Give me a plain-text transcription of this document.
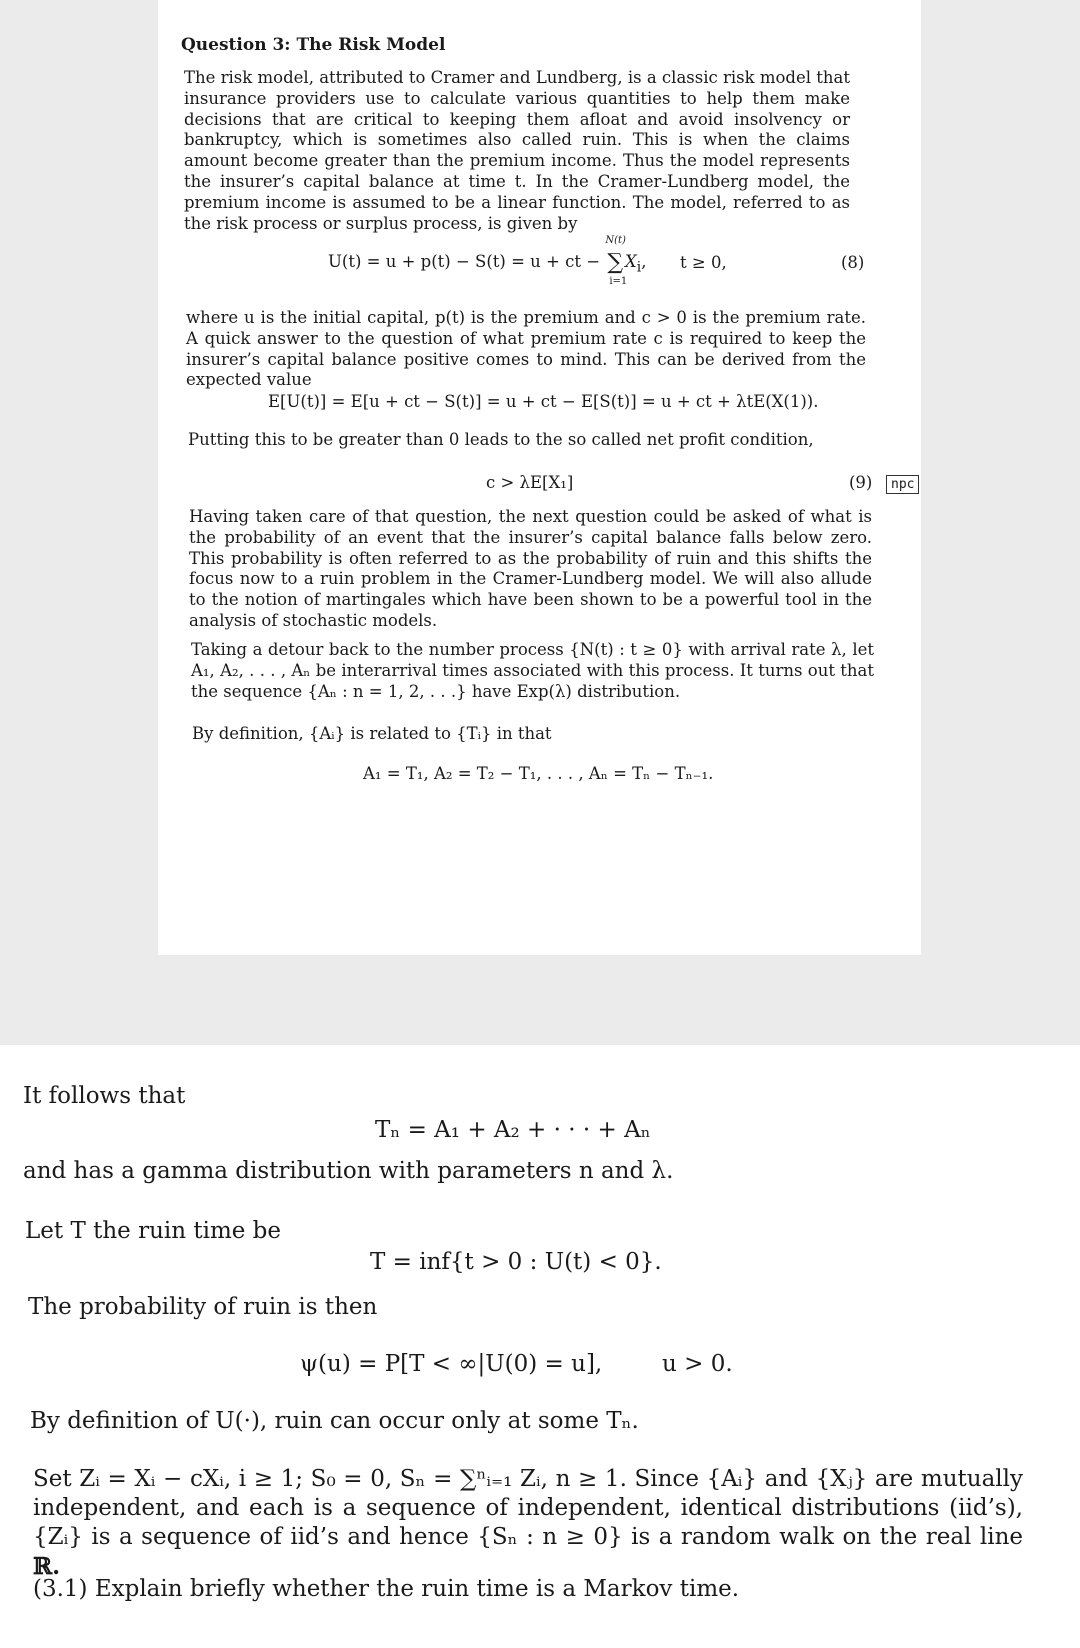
Question 3: The Risk Model
The risk model, attributed to Cramer and Lundberg, is a classic risk model that insurance providers use to calculate various quantities to help them make decisions that are critical to keeping them afloat and avoid insolvency or bankruptcy, which is sometimes also called ruin. This is when the claims amount become greater than the premium income. Thus the model represents the insurer’s capital balance at time t. In the Cramer-Lundberg model, the premium income is assumed to be a linear function. The model, referred to as the risk process or surplus process, is given by
U(t) = u + p(t) − S(t) = u + ct − ∑
N(t)
i=1
$X_i$, t ≥ 0,	(8)
where u is the initial capital, p(t) is the premium and c > 0 is the premium rate. A quick answer to the question of what premium rate c is required to keep the insurer’s capital balance positive comes to mind. This can be derived from the expected value
E[U(t)] = E[u + ct − S(t)] = u + ct − E[S(t)] = u + ct + λtE(X(1)).
Putting this to be greater than 0 leads to the so called net profit condition,
c > λE[X₁]	(9)	npc
Having taken care of that question, the next question could be asked of what is the probability of an event that the insurer’s capital balance falls below zero. This probability is often referred to as the probability of ruin and this shifts the focus now to a ruin problem in the Cramer-Lundberg model. We will also allude to the notion of martingales which have been shown to be a powerful tool in the analysis of stochastic models.
Taking a detour back to the number process {N(t) : t ≥ 0} with arrival rate λ, let A₁, A₂, . . . , Aₙ be interarrival times associated with this process. It turns out that the sequence {Aₙ : n = 1, 2, . . .} have Exp(λ) distribution.
By definition, {Aᵢ} is related to {Tᵢ} in that
A₁ = T₁, A₂ = T₂ − T₁, . . . , Aₙ = Tₙ − Tₙ₋₁.
It follows that
Tₙ = A₁ + A₂ + · · · + Aₙ
and has a gamma distribution with parameters n and λ.
Let T the ruin time be
T = inf{t > 0 : U(t) < 0}.
The probability of ruin is then
ψ(u) = P[T < ∞|U(0) = u],	u > 0.
By definition of U(·), ruin can occur only at some Tₙ.
Set Zᵢ = Xᵢ − cXᵢ, i ≥ 1; S₀ = 0, Sₙ = ∑ⁿᵢ₌₁ Zᵢ, n ≥ 1. Since {Aᵢ} and {Xⱼ} are mutually independent, and each is a sequence of independent, identical distributions (iid’s), {Zᵢ} is a sequence of iid’s and hence {Sₙ : n ≥ 0} is a random walk on the real line ℝ.
(3.1) Explain briefly whether the ruin time is a Markov time.
